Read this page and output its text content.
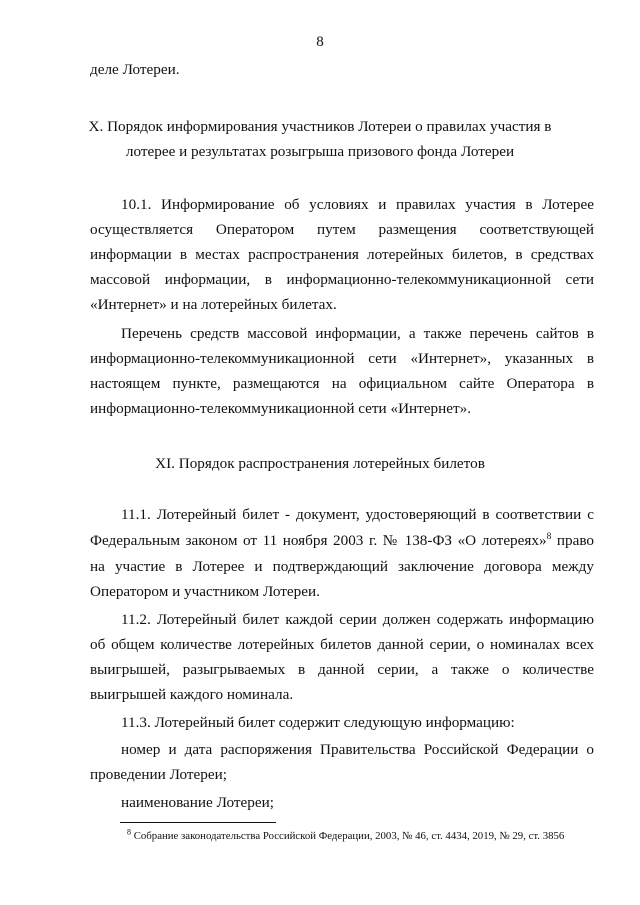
8
деле Лотереи.
X. Порядок информирования участников Лотереи о правилах участия в
лотерее и результатах розыгрыша призового фонда Лотереи
10.1. Информирование об условиях и правилах участия в Лотерее
осуществляется Оператором путем размещения соответствующей
информации в местах распространения лотерейных билетов, в средствах
массовой информации, в информационно-телекоммуникационной сети
«Интернет» и на лотерейных билетах.
Перечень средств массовой информации, а также перечень сайтов в
информационно-телекоммуникационной сети «Интернет», указанных в
настоящем пункте, размещаются на официальном сайте Оператора в
информационно-телекоммуникационной сети «Интернет».
XI. Порядок распространения лотерейных билетов
11.1. Лотерейный билет - документ, удостоверяющий в соответствии с
Федеральным законом от 11 ноября 2003 г. № 138-ФЗ «О лотереях»$^8$ право
на участие в Лотерее и подтверждающий заключение договора между
Оператором и участником Лотереи.
11.2. Лотерейный билет каждой серии должен содержать информацию
об общем количестве лотерейных билетов данной серии, о номиналах всех
выигрышей, разыгрываемых в данной серии, а также о количестве
выигрышей каждого номинала.
11.3. Лотерейный билет содержит следующую информацию:
номер и дата распоряжения Правительства Российской Федерации о
проведении Лотереи;
наименование Лотереи;
$^8$ Собрание законодательства Российской Федерации, 2003, № 46, ст. 4434, 2019, № 29, ст. 3856
